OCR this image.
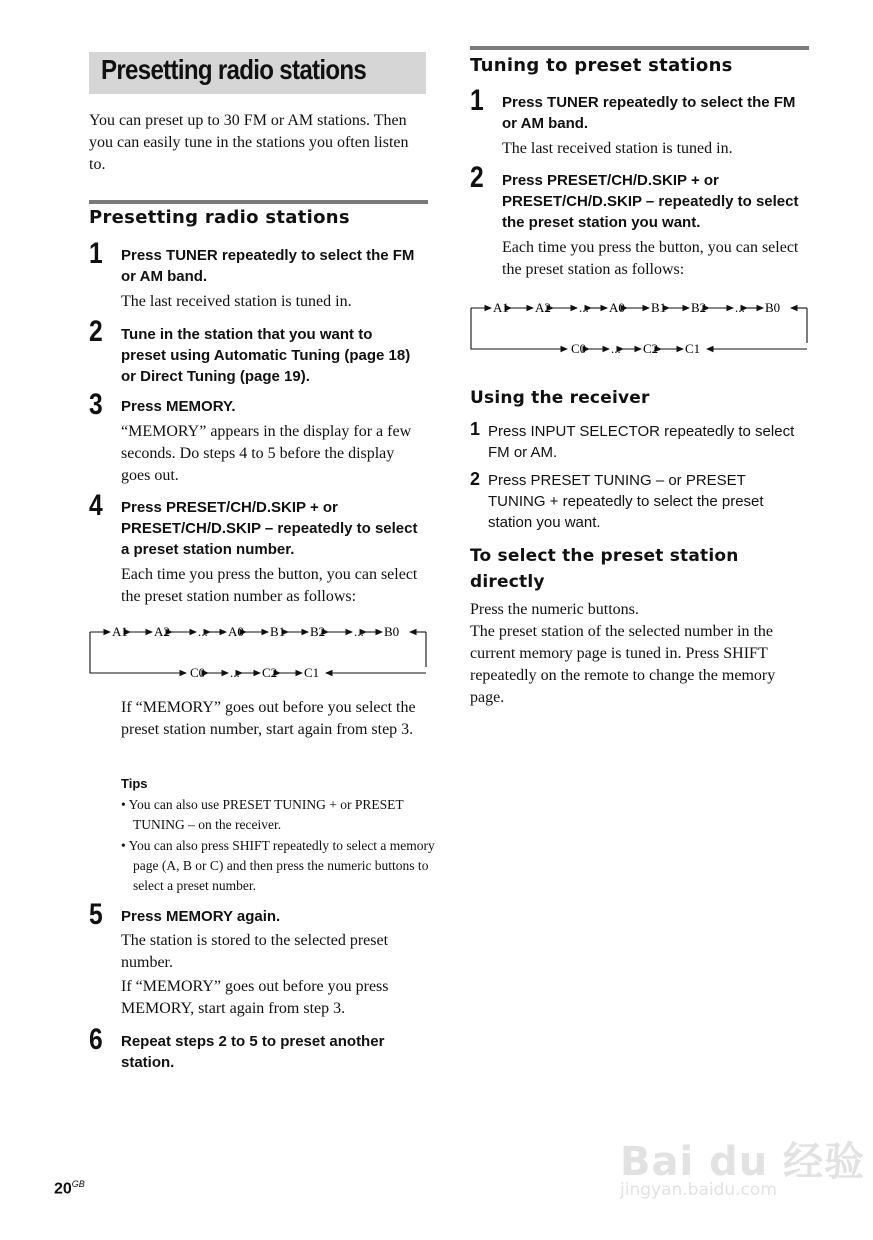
Presetting radio stations
You can preset up to 30 FM or AM stations. Then you can easily tune in the stations you often listen to.
Presetting radio stations
1 Press TUNER repeatedly to select the FM or AM band.
The last received station is tuned in.
2 Tune in the station that you want to preset using Automatic Tuning (page 18) or Direct Tuning (page 19).
3 Press MEMORY.
“MEMORY” appears in the display for a few seconds. Do steps 4 to 5 before the display goes out.
4 Press PRESET/CH/D.SKIP + or PRESET/CH/D.SKIP – repeatedly to select a preset station number.
Each time you press the button, you can select the preset station number as follows:
A1 A2 ... A0 B1 B2 ... B0
C0 ... C2 C1
If “MEMORY” goes out before you select the preset station number, start again from step 3.
Tips
• You can also use PRESET TUNING + or PRESET TUNING – on the receiver.
• You can also press SHIFT repeatedly to select a memory page (A, B or C) and then press the numeric buttons to select a preset number.
5 Press MEMORY again.
The station is stored to the selected preset number.
If “MEMORY” goes out before you press MEMORY, start again from step 3.
6 Repeat steps 2 to 5 to preset another station.
$20^{GB}$
Tuning to preset stations
1 Press TUNER repeatedly to select the FM or AM band.
The last received station is tuned in.
2 Press PRESET/CH/D.SKIP + or PRESET/CH/D.SKIP – repeatedly to select the preset station you want.
Each time you press the button, you can select the preset station as follows:
A1 A2 ... A0 B1 B2 ... B0
C0 ... C2 C1
Using the receiver
1 Press INPUT SELECTOR repeatedly to select FM or AM.
2 Press PRESET TUNING – or PRESET TUNING + repeatedly to select the preset station you want.
To select the preset station directly
Press the numeric buttons.
The preset station of the selected number in the current memory page is tuned in. Press SHIFT repeatedly on the remote to change the memory page.
Bai du 经验
jingyan.baidu.com
